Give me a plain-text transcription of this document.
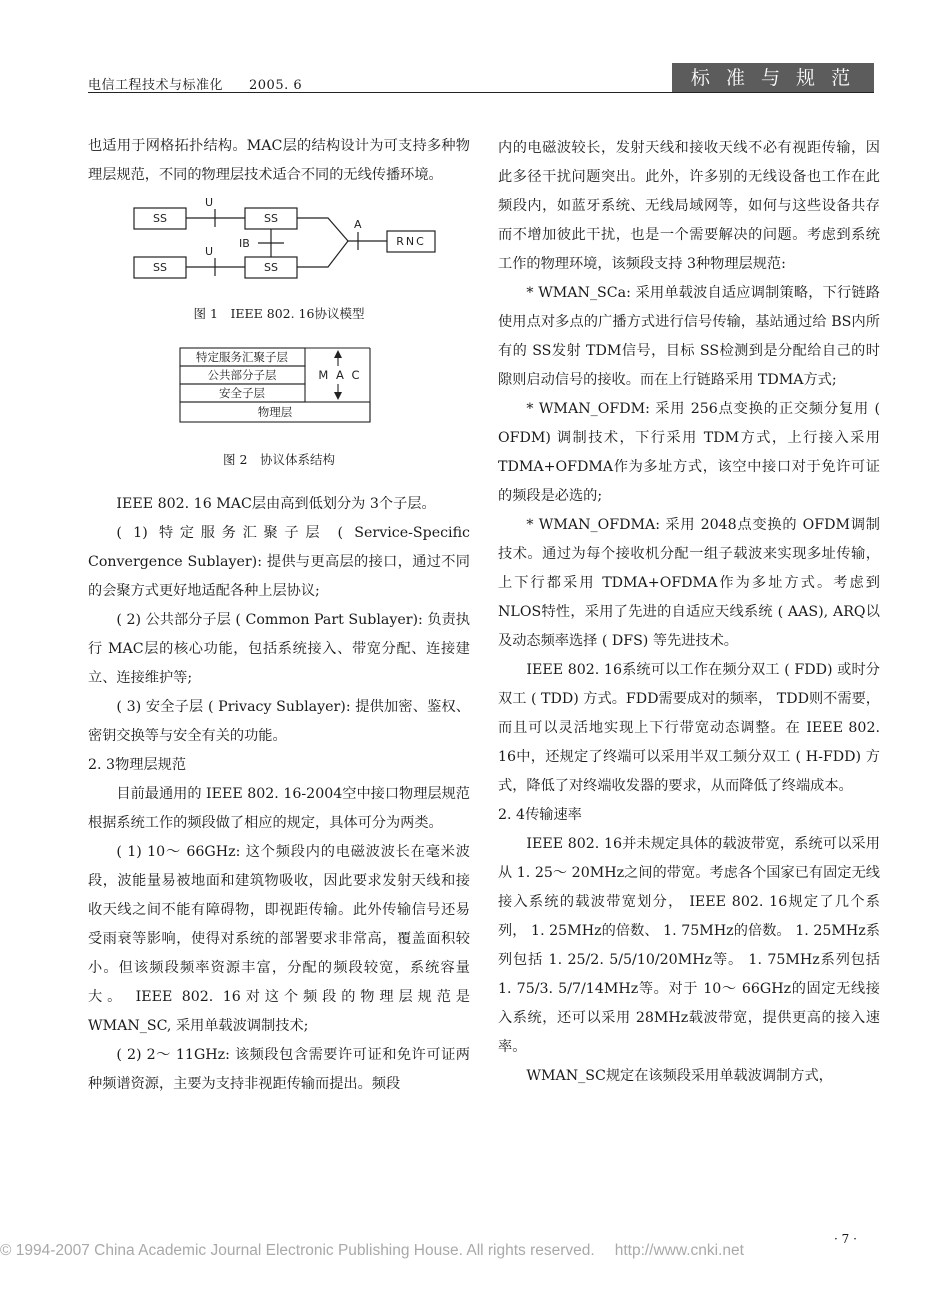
电信工程技术与标准化 2005. 6	标 准 与 规 范

也适用于网格拓扑结构。MAC层的结构设计为可支持多种物理层规范，不同的物理层技术适合不同的无线传播环境。

SS	SS
SS	SS
RNC
U
U
IB
A
图 1　IEEE 802. 16协议模型
特定服务汇聚子层
公共部分子层
安全子层
物理层
M A C
图 2　协议体系结构

IEEE 802. 16 MAC层由高到低划分为 3个子层。

( 1) 特定服务汇聚子层 ( Service-Specific Convergence Sublayer): 提供与更高层的接口，通过不同的会聚方式更好地适配各种上层协议;

( 2) 公共部分子层 ( Common Part Sublayer): 负责执行 MAC层的核心功能，包括系统接入、带宽分配、连接建立、连接维护等;

( 3) 安全子层 ( Privacy Sublayer): 提供加密、鉴权、密钥交换等与安全有关的功能。

2. 3物理层规范

目前最通用的 IEEE 802. 16-2004空中接口物理层规范根据系统工作的频段做了相应的规定，具体可分为两类。

( 1) 10～ 66GHz: 这个频段内的电磁波波长在毫米波段，波能量易被地面和建筑物吸收，因此要求发射天线和接收天线之间不能有障碍物，即视距传输。此外传输信号还易受雨衰等影响，使得对系统的部署要求非常高，覆盖面积较小。但该频段频率资源丰富，分配的频段较宽，系统容量大。 IEEE 802. 16对这个频段的物理层规范是 WMAN_SC, 采用单载波调制技术;

( 2) 2～ 11GHz: 该频段包含需要许可证和免许可证两种频谱资源，主要为支持非视距传输而提出。频段

内的电磁波较长，发射天线和接收天线不必有视距传输，因此多径干扰问题突出。此外，许多别的无线设备也工作在此频段内，如蓝牙系统、无线局域网等，如何与这些设备共存而不增加彼此干扰，也是一个需要解决的问题。考虑到系统工作的物理环境，该频段支持 3种物理层规范:

* WMAN_SCa: 采用单载波自适应调制策略，下行链路使用点对多点的广播方式进行信号传输，基站通过给 BS内所有的 SS发射 TDM信号，目标 SS检测到是分配给自己的时隙则启动信号的接收。而在上行链路采用 TDMA方式;

* WMAN_OFDM: 采用 256点变换的正交频分复用 ( OFDM) 调制技术，下行采用 TDM方式，上行接入采用 TDMA+OFDMA作为多址方式，该空中接口对于免许可证的频段是必选的;

* WMAN_OFDMA: 采用 2048点变换的 OFDM调制技术。通过为每个接收机分配一组子载波来实现多址传输，上下行都采用 TDMA+OFDMA作为多址方式。考虑到 NLOS特性，采用了先进的自适应天线系统 ( AAS), ARQ以及动态频率选择 ( DFS) 等先进技术。

IEEE 802. 16系统可以工作在频分双工 ( FDD) 或时分双工 ( TDD) 方式。FDD需要成对的频率， TDD则不需要，而且可以灵活地实现上下行带宽动态调整。在 IEEE 802. 16中，还规定了终端可以采用半双工频分双工 ( H-FDD) 方式，降低了对终端收发器的要求，从而降低了终端成本。

2. 4传输速率

IEEE 802. 16并未规定具体的载波带宽，系统可以采用从 1. 25～ 20MHz之间的带宽。考虑各个国家已有固定无线接入系统的载波带宽划分， IEEE 802. 16规定了几个系列， 1. 25MHz的倍数、 1. 75MHz的倍数。 1. 25MHz系列包括 1. 25/2. 5/5/10/20MHz等。 1. 75MHz系列包括 1. 75/3. 5/7/14MHz等。对于 10～ 66GHz的固定无线接入系统，还可以采用 28MHz载波带宽，提供更高的接入速率。

WMAN_SC规定在该频段采用单载波调制方式，

· 7 ·
© 1994-2007 China Academic Journal Electronic Publishing House. All rights reserved. http://www.cnki.net
